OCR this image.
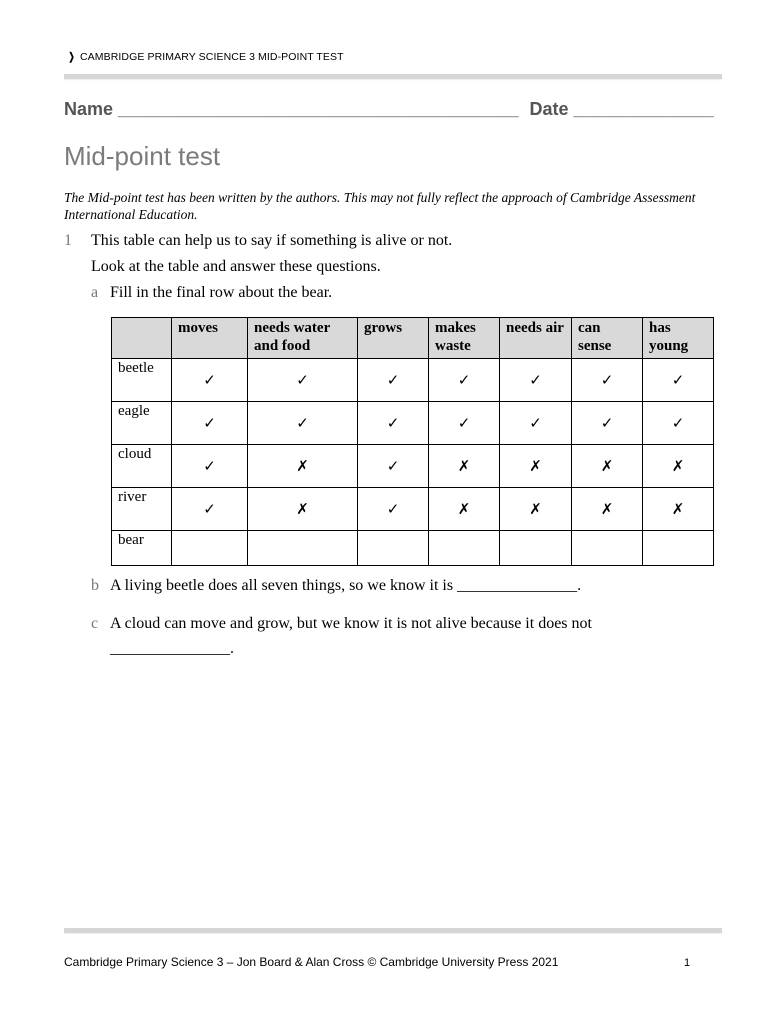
❯ CAMBRIDGE PRIMARY SCIENCE 3 MID-POINT TEST
Name ________________________________________ Date ______________
Mid-point test
The Mid-point test has been written by the authors. This may not fully reflect the approach of Cambridge Assessment International Education.
1 This table can help us to say if something is alive or not.
Look at the table and answer these questions.
a Fill in the final row about the bear.
	moves	needs water and food	grows	makes waste	needs air	can sense	has young
beetle	✓	✓	✓	✓	✓	✓	✓
eagle	✓	✓	✓	✓	✓	✓	✓
cloud	✓	✗	✓	✗	✗	✗	✗
river	✓	✗	✓	✗	✗	✗	✗
bear							
b A living beetle does all seven things, so we know it is _______________.
c A cloud can move and grow, but we know it is not alive because it does not
_______________.
Cambridge Primary Science 3 – Jon Board & Alan Cross © Cambridge University Press 2021	1
